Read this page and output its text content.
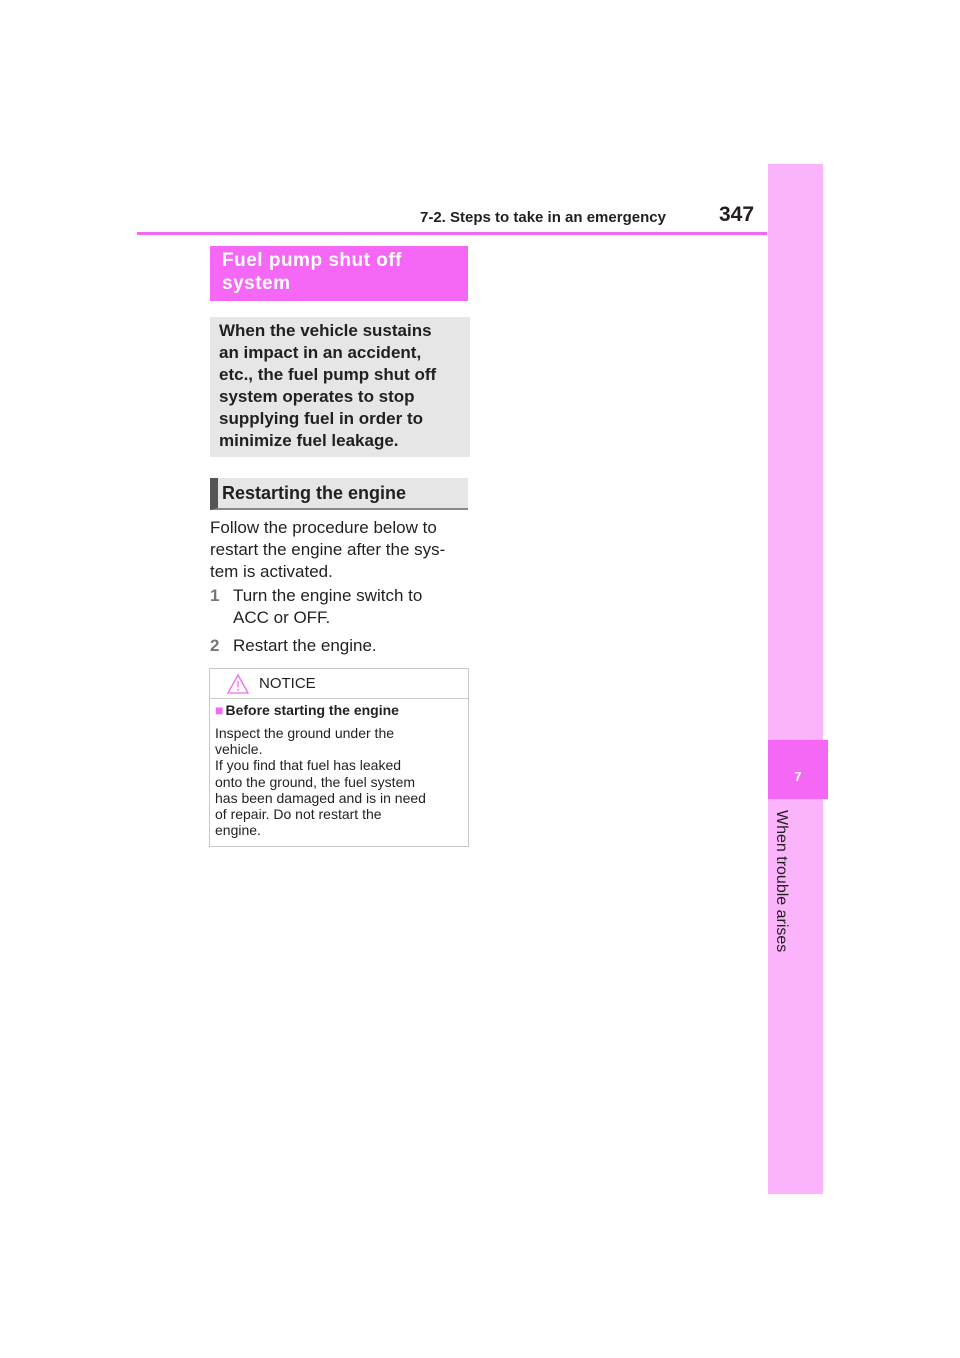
7
When trouble arises
7-2. Steps to take in an emergency	347
Fuel pump shut off
system

When the vehicle sustains

an impact in an accident,

etc., the fuel pump shut off

system operates to stop

supplying fuel in order to

minimize fuel leakage.

Restarting the engine
Follow the procedure below to
restart the engine after the sys-
tem is activated.
1 Turn the engine switch to
ACC or OFF.
2 Restart the engine.
NOTICE
■ Before starting the engine
Inspect the ground under the
vehicle.
If you find that fuel has leaked
onto the ground, the fuel system
has been damaged and is in need
of repair. Do not restart the
engine.
